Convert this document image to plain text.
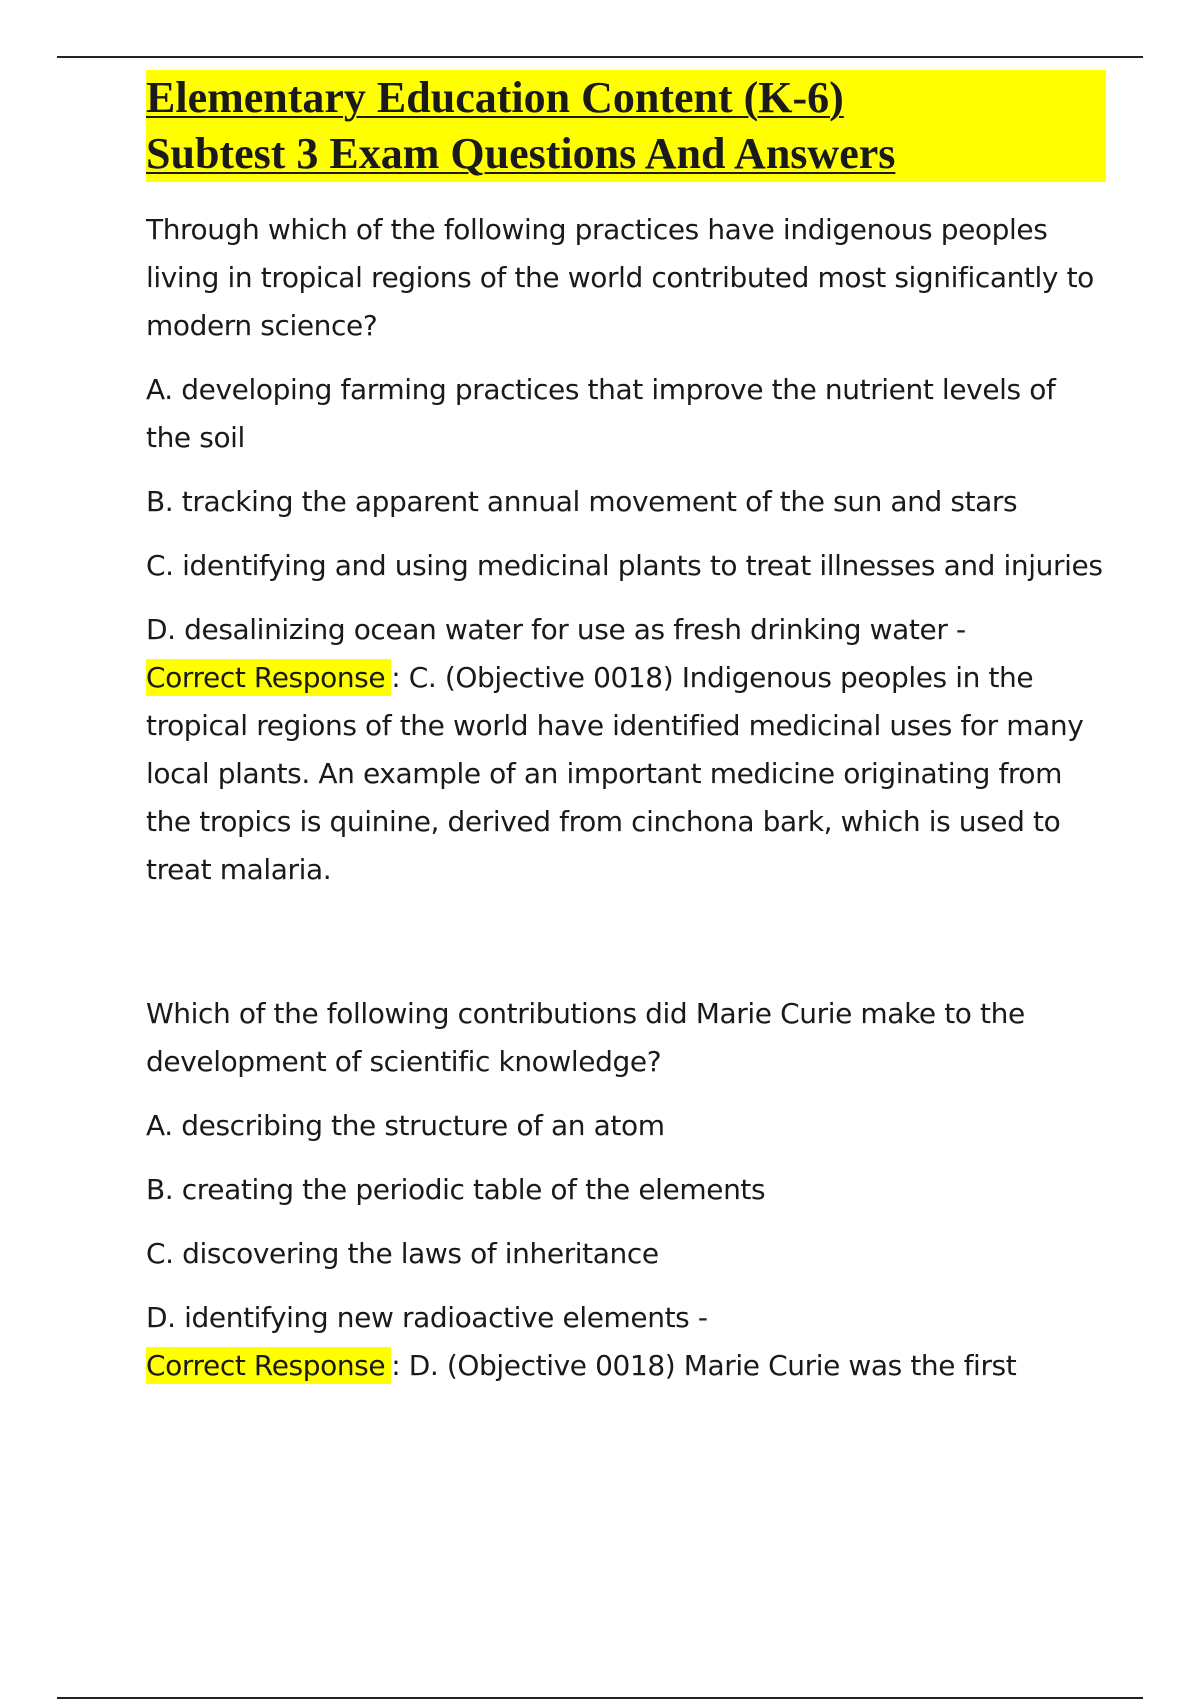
Elementary Education Content (K-6)
Subtest 3 Exam Questions And Answers

Through which of the following practices have indigenous peoples living in tropical regions of the world contributed most significantly to modern science?

A. developing farming practices that improve the nutrient levels of the soil

B. tracking the apparent annual movement of the sun and stars

C. identifying and using medicinal plants to treat illnesses and injuries

D. desalinizing ocean water for use as fresh drinking water -
Correct Response : C. (Objective 0018) Indigenous peoples in the tropical regions of the world have identified medicinal uses for many local plants. An example of an important medicine originating from the tropics is quinine, derived from cinchona bark, which is used to treat malaria.

Which of the following contributions did Marie Curie make to the development of scientific knowledge?

A. describing the structure of an atom

B. creating the periodic table of the elements

C. discovering the laws of inheritance

D. identifying new radioactive elements -
Correct Response : D. (Objective 0018) Marie Curie was the first
